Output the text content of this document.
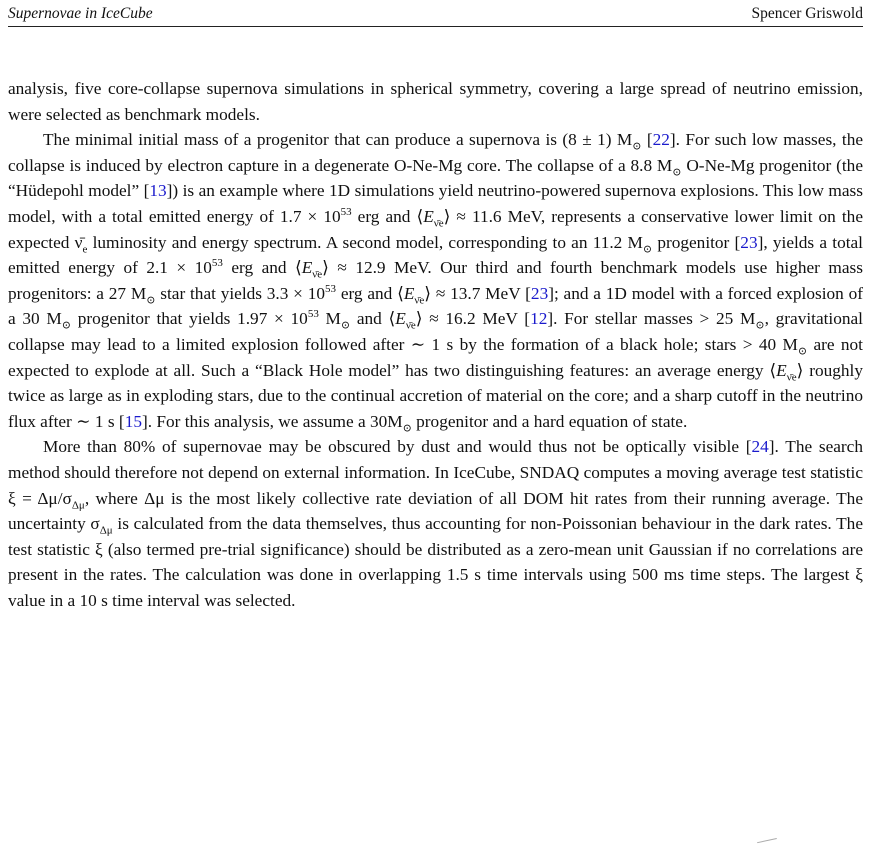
Supernovae in IceCube	Spencer Griswold

analysis, five core-collapse supernova simulations in spherical symmetry, covering a large spread of neutrino emission, were selected as benchmark models.

The minimal initial mass of a progenitor that can produce a supernova is (8 ± 1) $M_⊙$ [22]. For such low masses, the collapse is induced by electron capture in a degenerate O-Ne-Mg core. The collapse of a 8.8 $M_⊙$ O-Ne-Mg progenitor (the “Hüdepohl model” [13]) is an example where 1D simulations yield neutrino-powered supernova explosions. This low mass model, with a total emitted energy of $1.7 \times 10^{53}$ erg and $⟨E_{\nūe}⟩ \approx 11.6$ MeV, represents a conservative lower limit on the expected $\nū_e$ luminosity and energy spectrum. A second model, corresponding to an 11.2 $M_⊙$ progenitor [23], yields a total emitted energy of $2.1 \times 10^{53}$ erg and $⟨E_{\nūe}⟩ \approx 12.9$ MeV. Our third and fourth benchmark models use higher mass progenitors: a 27 $M_⊙$ star that yields $3.3 \times 10^{53}$ erg and $⟨E_{\nūe}⟩ \approx 13.7$ MeV [23]; and a 1D model with a forced explosion of a 30 $M_⊙$ progenitor that yields $1.97 \times 10^{53}$ $M_⊙$ and $⟨E_{\nūe}⟩ \approx 16.2$ MeV [12]. For stellar masses > 25 $M_⊙$, gravitational collapse may lead to a limited explosion followed after ∼ 1 s by the formation of a black hole; stars > 40 $M_⊙$ are not expected to explode at all. Such a “Black Hole model” has two distinguishing features: an average energy $⟨E_{\nūe}⟩$ roughly twice as large as in exploding stars, due to the continual accretion of material on the core; and a sharp cutoff in the neutrino flux after ∼ 1 s [15]. For this analysis, we assume a $30M_⊙$ progenitor and a hard equation of state.

More than 80% of supernovae may be obscured by dust and would thus not be optically visible [24]. The search method should therefore not depend on external information. In IceCube, SNDAQ computes a moving average test statistic $\xi = \Delta\mu/\sigma_{\Delta\mu}$, where Δμ is the most likely collective rate deviation of all DOM hit rates from their running average. The uncertainty $\sigma_{\Delta\mu}$ is calculated from the data themselves, thus accounting for non-Poissonian behaviour in the dark rates. The test statistic ξ (also termed pre-trial significance) should be distributed as a zero-mean unit Gaussian if no correlations are present in the rates. The calculation was done in overlapping 1.5 s time intervals using 500 ms time steps. The largest ξ value in a 10 s time interval was selected.
